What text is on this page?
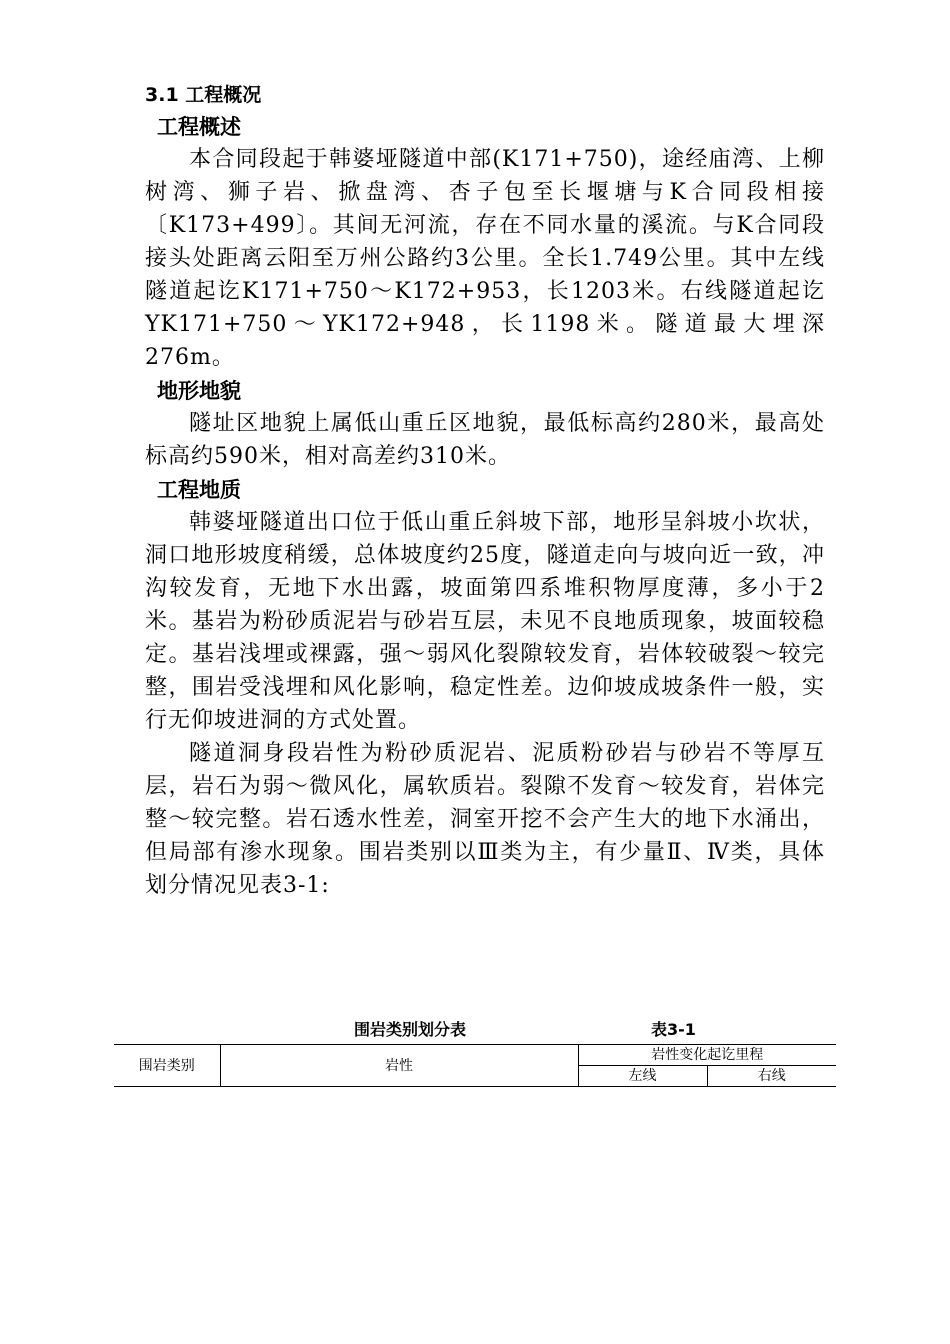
3.1 工程概况
工程概述

本合同段起于韩婆垭隧道中部(K171+750)，途经庙湾、上柳树湾、狮子岩、掀盘湾、杏子包至长堰塘与K合同段相接〔K173+499〕。其间无河流，存在不同水量的溪流。与K合同段接头处距离云阳至万州公路约3公里。全长1.749公里。其中左线隧道起讫K171+750～K172+953，长1203米。右线隧道起讫YK171+750～YK172+948，长1198米。隧道最大埋深276m。

地形地貌

隧址区地貌上属低山重丘区地貌，最低标高约280米，最高处标高约590米，相对高差约310米。

工程地质

韩婆垭隧道出口位于低山重丘斜坡下部，地形呈斜坡小坎状，洞口地形坡度稍缓，总体坡度约25度，隧道走向与坡向近一致，冲沟较发育，无地下水出露，坡面第四系堆积物厚度薄，多小于2米。基岩为粉砂质泥岩与砂岩互层，未见不良地质现象，坡面较稳定。基岩浅埋或裸露，强～弱风化裂隙较发育，岩体较破裂～较完整，围岩受浅埋和风化影响，稳定性差。边仰坡成坡条件一般，实行无仰坡进洞的方式处置。

隧道洞身段岩性为粉砂质泥岩、泥质粉砂岩与砂岩不等厚互层，岩石为弱～微风化，属软质岩。裂隙不发育～较发育，岩体完整～较完整。岩石透水性差，洞室开挖不会产生大的地下水涌出，但局部有渗水现象。围岩类别以Ⅲ类为主，有少量Ⅱ、Ⅳ类，具体划分情况见表3-1:

围岩类别划分表	表3-1
围岩类别	岩性	岩性变化起讫里程	
		左线	右线
